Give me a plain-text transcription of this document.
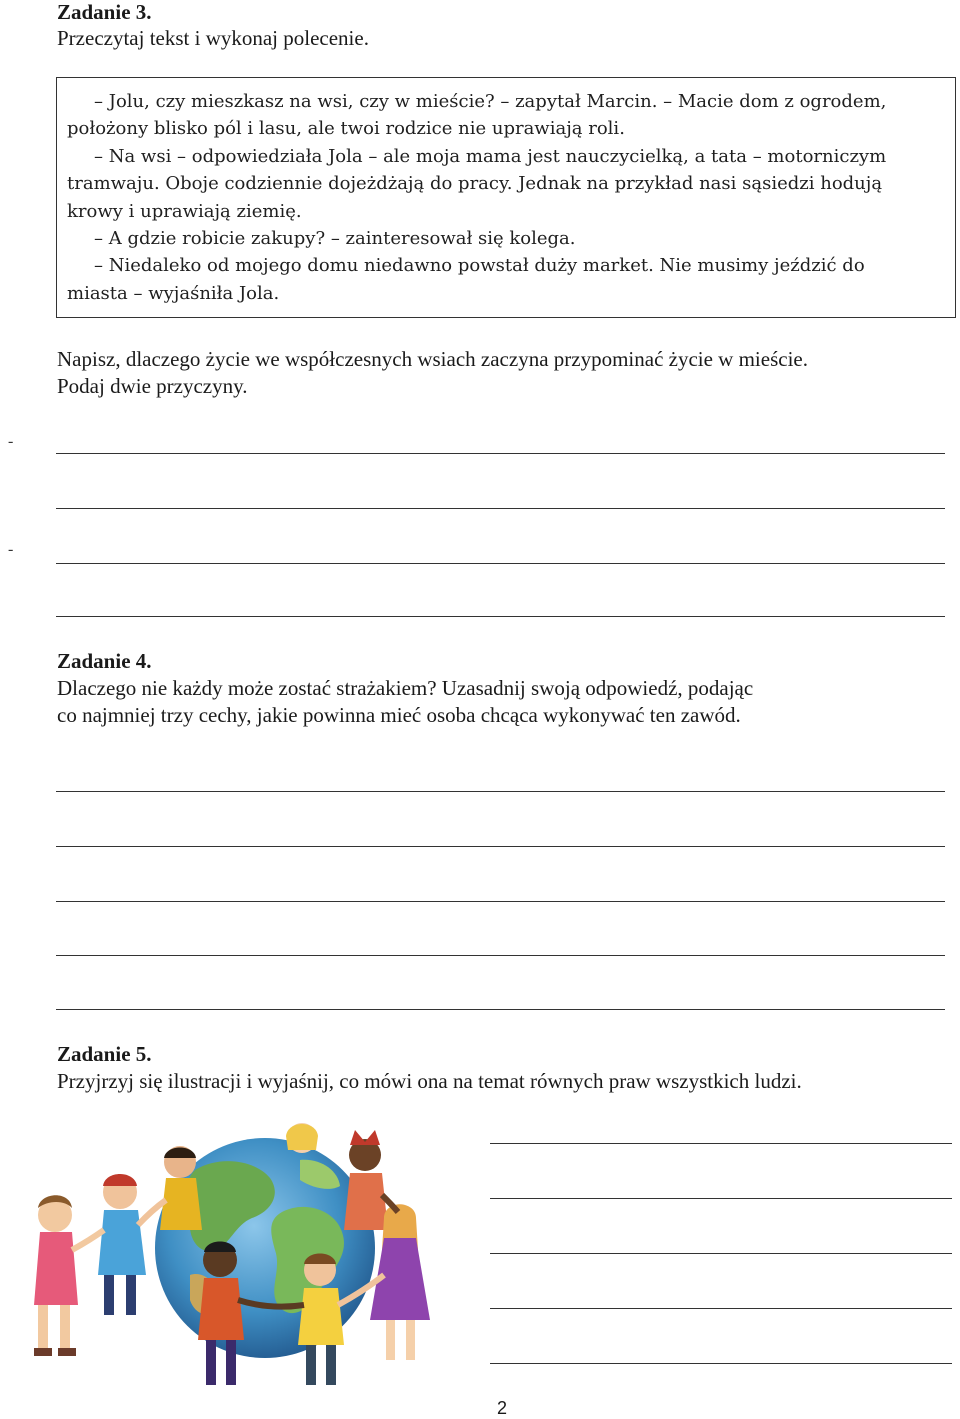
Zadanie 3.
Przeczytaj tekst i wykonaj polecenie.
– Jolu, czy mieszkasz na wsi, czy w mieście? – zapytał Marcin. – Macie dom z ogrodem,
położony blisko pól i lasu, ale twoi rodzice nie uprawiają roli.
– Na wsi – odpowiedziała Jola – ale moja mama jest nauczycielką, a tata – motorniczym
tramwaju. Oboje codziennie dojeżdżają do pracy. Jednak na przykład nasi sąsiedzi hodują
krowy i uprawiają ziemię.
– A gdzie robicie zakupy? – zainteresował się kolega.
– Niedaleko od mojego domu niedawno powstał duży market. Nie musimy jeździć do
miasta – wyjaśniła Jola.
Napisz, dlaczego życie we współczesnych wsiach zaczyna przypominać życie w mieście.
Podaj dwie przyczyny.
-
-
Zadanie 4.
Dlaczego nie każdy może zostać strażakiem? Uzasadnij swoją odpowiedź, podając
co najmniej trzy cechy, jakie powinna mieć osoba chcąca wykonywać ten zawód.
Zadanie 5.
Przyjrzyj się ilustracji i wyjaśnij, co mówi ona na temat równych praw wszystkich ludzi.
2
